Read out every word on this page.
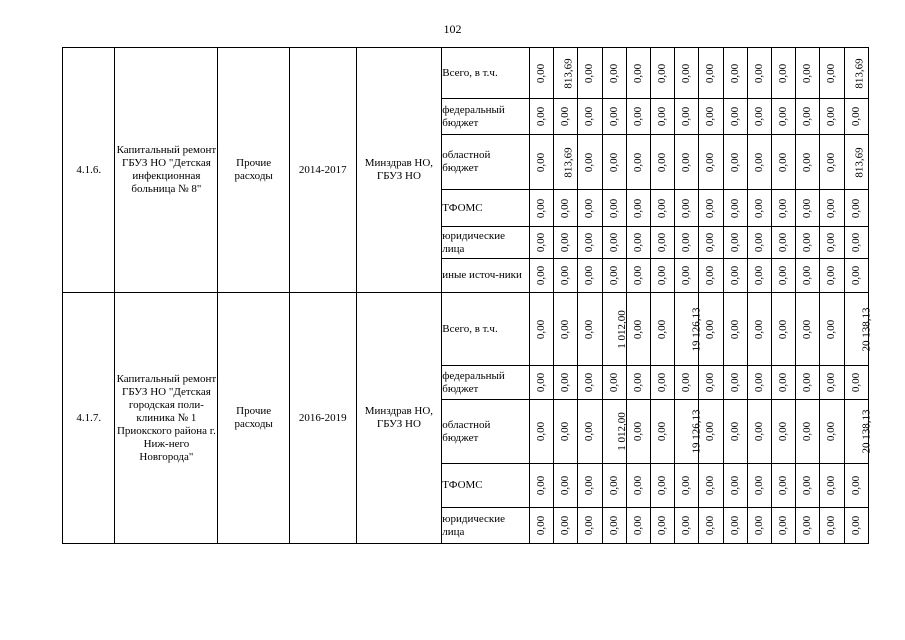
102
4.1.6.	Капитальный ремонт ГБУЗ НО "Детская инфекционная больница № 8"	Прочие расходы	2014-2017	Минздрав НО, ГБУЗ НО	Всего, в т.ч.	0,00	813,69	0,00	0,00	0,00	0,00	0,00	0,00	0,00	0,00	0,00	0,00	0,00	813,69
					федеральный бюджет	0,00	0,00	0,00	0,00	0,00	0,00	0,00	0,00	0,00	0,00	0,00	0,00	0,00	0,00
					областной бюджет	0,00	813,69	0,00	0,00	0,00	0,00	0,00	0,00	0,00	0,00	0,00	0,00	0,00	813,69
					ТФОМС	0,00	0,00	0,00	0,00	0,00	0,00	0,00	0,00	0,00	0,00	0,00	0,00	0,00	0,00
					юридические лица	0,00	0,00	0,00	0,00	0,00	0,00	0,00	0,00	0,00	0,00	0,00	0,00	0,00	0,00
					иные источ-ники	0,00	0,00	0,00	0,00	0,00	0,00	0,00	0,00	0,00	0,00	0,00	0,00	0,00	0,00
4.1.7.	Капитальный ремонт ГБУЗ НО "Детская городская поли-клиника № 1 Приокского района г. Ниж-него Новгорода"	Прочие расходы	2016-2019	Минздрав НО, ГБУЗ НО	Всего, в т.ч.	0,00	0,00	0,00	1 012,00	0,00	0,00	19 126,13	0,00	0,00	0,00	0,00	0,00	0,00	20 138,13
					федеральный бюджет	0,00	0,00	0,00	0,00	0,00	0,00	0,00	0,00	0,00	0,00	0,00	0,00	0,00	0,00
					областной бюджет	0,00	0,00	0,00	1 012,00	0,00	0,00	19 126,13	0,00	0,00	0,00	0,00	0,00	0,00	20 138,13
					ТФОМС	0,00	0,00	0,00	0,00	0,00	0,00	0,00	0,00	0,00	0,00	0,00	0,00	0,00	0,00
					юридические лица	0,00	0,00	0,00	0,00	0,00	0,00	0,00	0,00	0,00	0,00	0,00	0,00	0,00	0,00
